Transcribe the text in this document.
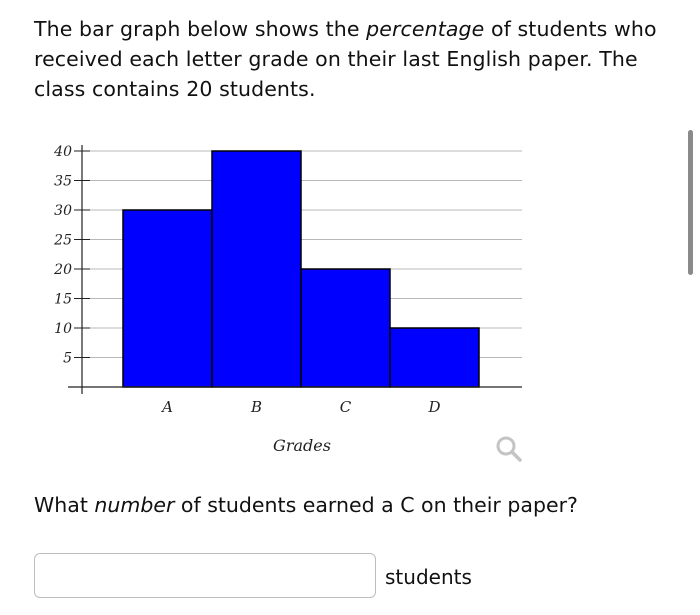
The bar graph below shows the percentage of students who received each letter grade on their last English paper. The class contains 20 students.
A	B	C	D
5
10
15
20
25
30
35
40
Grades
What number of students earned a C on their paper?
students
